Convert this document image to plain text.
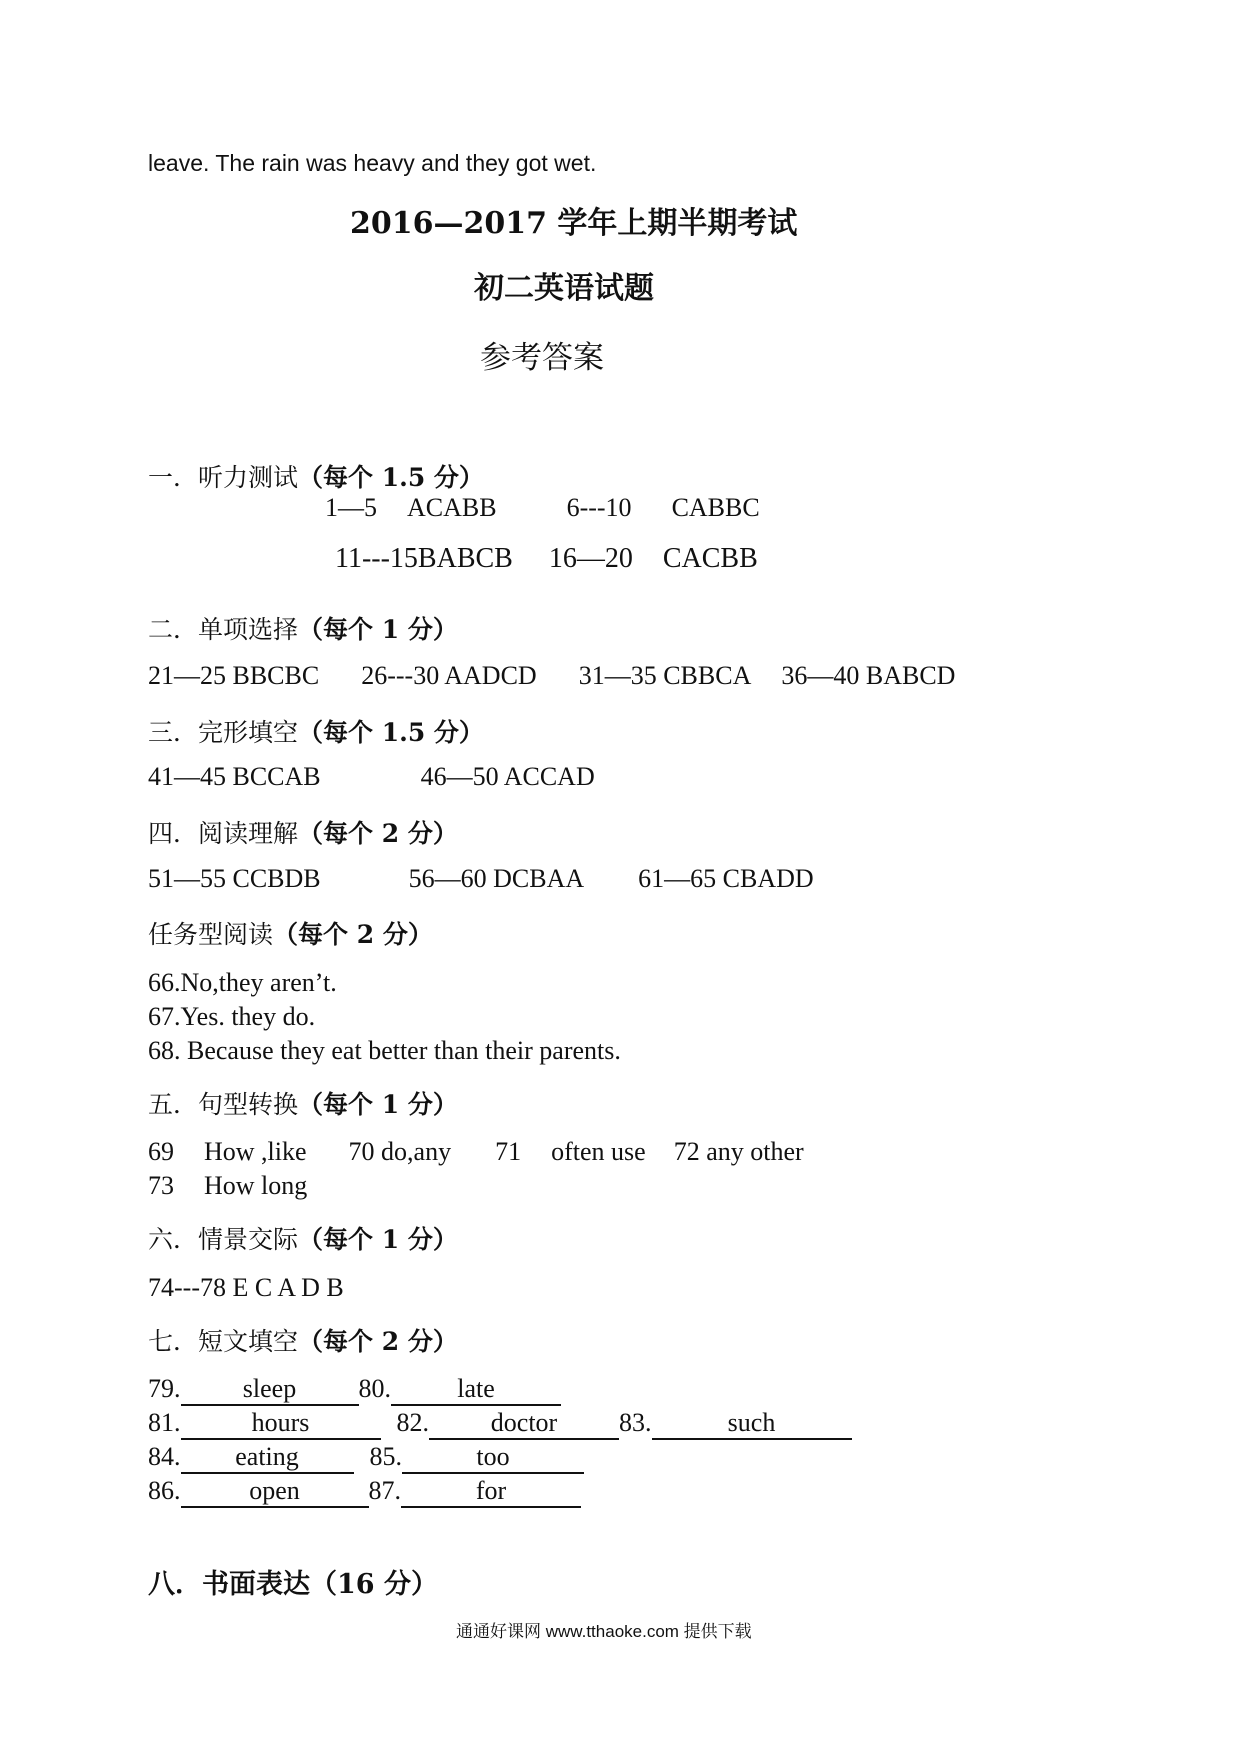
leave. The rain was heavy and they got wet.
2016—2017 学年上期半期考试
初二英语试题
参考答案
一．听力测试（每个 1.5 分）
1—5 ACABB	6---10 CABBC
11---15BABCB 16—20 CACBB
二．单项选择（每个 1 分）
21—25 BBCBC 26---30 AADCD 31—35 CBBCA 36—40 BABCD
三．完形填空（每个 1.5 分）
41—45 BCCAB	46—50 ACCAD
四．阅读理解（每个 2 分）
51—55 CCBDB	56—60 DCBAA 61—65 CBADD
任务型阅读（每个 2 分）
66.No,they aren’t.
67.Yes. they do.
68. Because they eat better than their parents.
五．句型转换（每个 1 分）
69 How ,like 70 do,any 71 often use 72 any other
73 How long
六．情景交际（每个 1 分）
74---78 E C A D B
七．短文填空（每个 2 分）
79. sleep 80.	late
81.	hours	82. doctor 83.	such
84. eating	85.	too
86.	open	87.	for
八．书面表达（16 分）
通通好课网 www.tthaoke.com 提供下载
